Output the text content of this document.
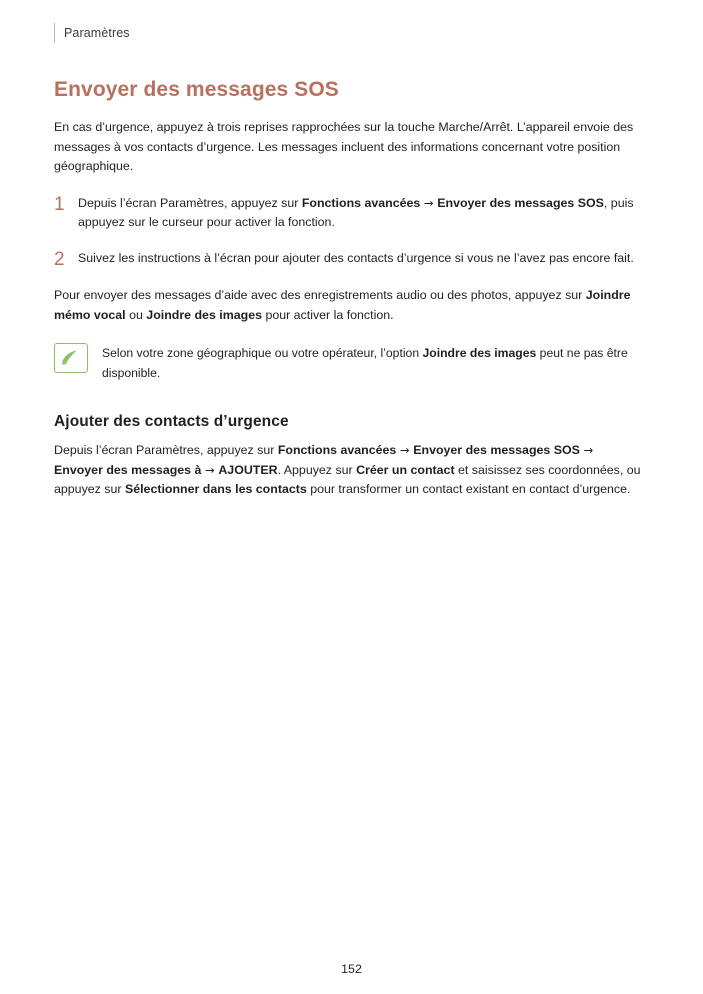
Paramètres
Envoyer des messages SOS

En cas d’urgence, appuyez à trois reprises rapprochées sur la touche Marche/Arrêt. L’appareil envoie des messages à vos contacts d’urgence. Les messages incluent des informations concernant votre position géographique.

1	Depuis l’écran Paramètres, appuyez sur Fonctions avancées → Envoyer des messages SOS, puis appuyez sur le curseur pour activer la fonction.
2	Suivez les instructions à l’écran pour ajouter des contacts d’urgence si vous ne l’avez pas encore fait.

Pour envoyer des messages d’aide avec des enregistrements audio ou des photos, appuyez sur Joindre mémo vocal ou Joindre des images pour activer la fonction.

Selon votre zone géographique ou votre opérateur, l’option Joindre des images peut ne pas être disponible.
Ajouter des contacts d’urgence

Depuis l’écran Paramètres, appuyez sur Fonctions avancées → Envoyer des messages SOS → Envoyer des messages à → AJOUTER. Appuyez sur Créer un contact et saisissez ses coordonnées, ou appuyez sur Sélectionner dans les contacts pour transformer un contact existant en contact d’urgence.

152
